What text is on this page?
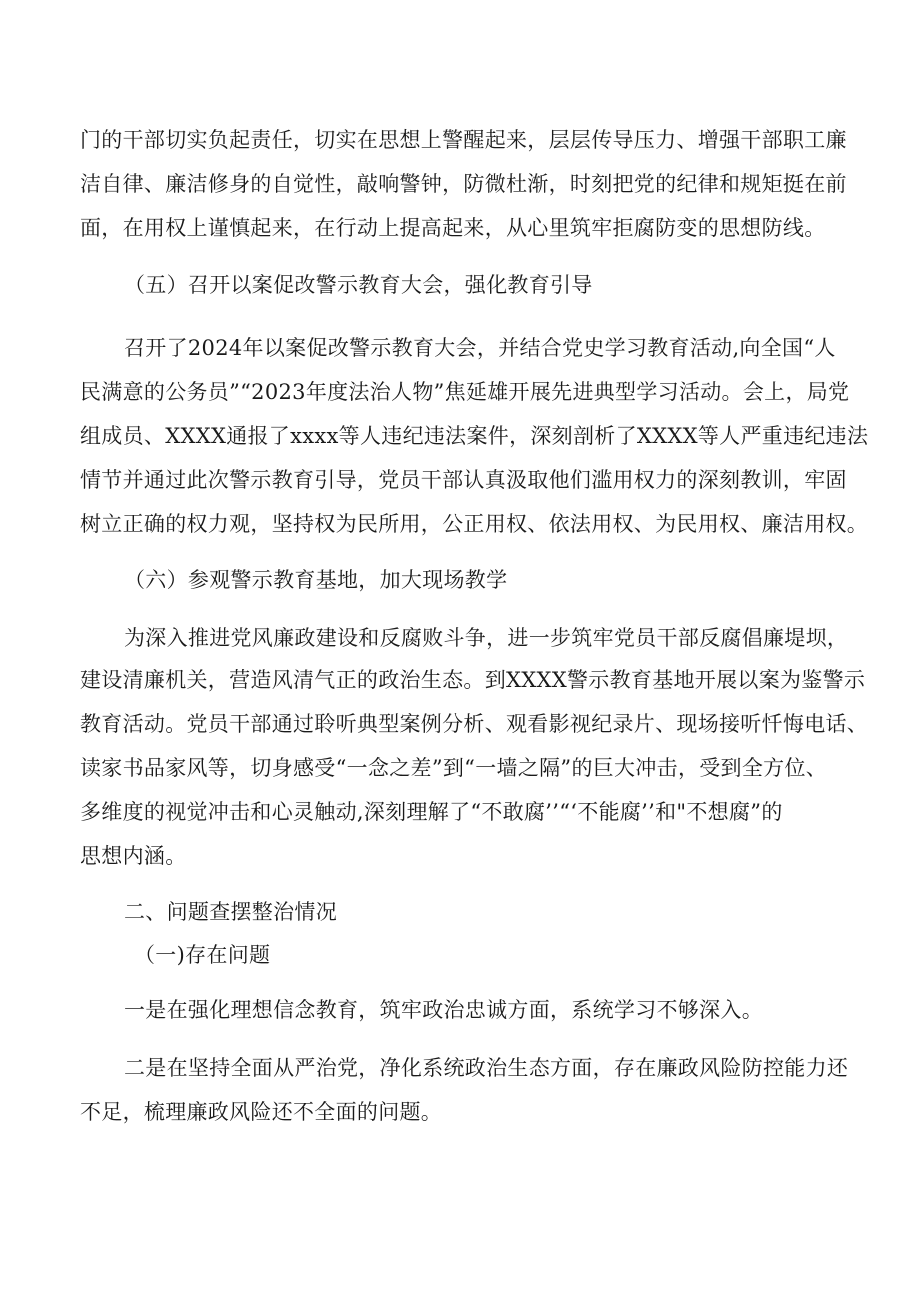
门的干部切实负起责任，切实在思想上警醒起来，层层传导压力、增强干部职工廉
洁自律、廉洁修身的自觉性，敲响警钟，防微杜渐，时刻把党的纪律和规矩挺在前
面，在用权上谨慎起来，在行动上提高起来，从心里筑牢拒腐防变的思想防线。
（五）召开以案促改警示教育大会，强化教育引导
召开了2024年以案促改警示教育大会，并结合党史学习教育活动,向全国“人
民满意的公务员”“2023年度法治人物”焦延雄开展先进典型学习活动。会上，局党
组成员、XXXX通报了xxxx等人违纪违法案件，深刻剖析了XXXX等人严重违纪违法
情节并通过此次警示教育引导，党员干部认真汲取他们滥用权力的深刻教训，牢固
树立正确的权力观，坚持权为民所用，公正用权、依法用权、为民用权、廉洁用权。
（六）参观警示教育基地，加大现场教学
为深入推进党风廉政建设和反腐败斗争，进一步筑牢党员干部反腐倡廉堤坝，
建设清廉机关，营造风清气正的政治生态。到XXXX警示教育基地开展以案为鉴警示
教育活动。党员干部通过聆听典型案例分析、观看影视纪录片、现场接听忏悔电话、
读家书品家风等，切身感受“一念之差”到“一墙之隔”的巨大冲击，受到全方位、
多维度的视觉冲击和心灵触动,深刻理解了“不敢腐’’“‘不能腐’’和"不想腐”的
思想内涵。
二、问题查摆整治情况
（一)存在问题
一是在强化理想信念教育，筑牢政治忠诚方面，系统学习不够深入。
二是在坚持全面从严治党，净化系统政治生态方面，存在廉政风险防控能力还
不足，梳理廉政风险还不全面的问题。
